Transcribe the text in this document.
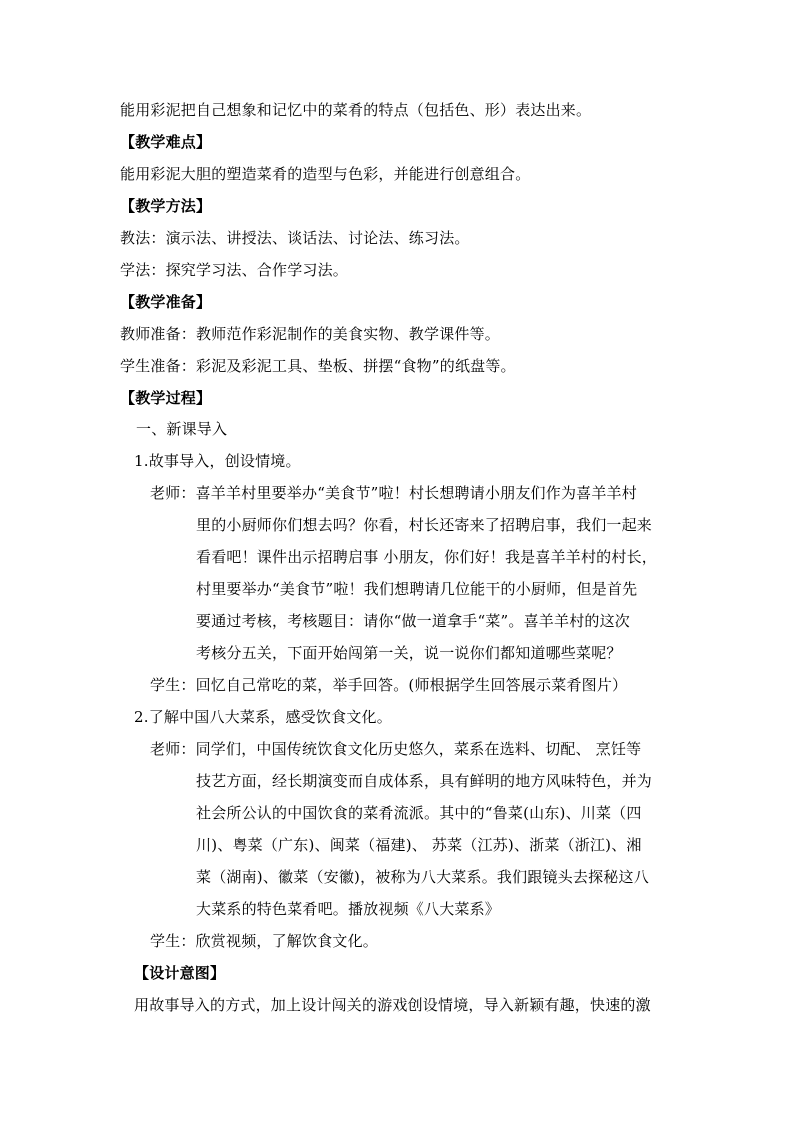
能用彩泥把自己想象和记忆中的菜肴的特点（包括色、形）表达出来。
【教学难点】
能用彩泥大胆的塑造菜肴的造型与色彩，并能进行创意组合。
【教学方法】
教法：演示法、讲授法、谈话法、讨论法、练习法。
学法：探究学习法、合作学习法。
【教学准备】
教师准备：教师范作彩泥制作的美食实物、教学课件等。
学生准备：彩泥及彩泥工具、垫板、拼摆“食物”的纸盘等。
【教学过程】
一、新课导入
1.故事导入，创设情境。
老师：喜羊羊村里要举办“美食节”啦！村长想聘请小朋友们作为喜羊羊村
里的小厨师你们想去吗？你看，村长还寄来了招聘启事，我们一起来
看看吧！课件出示招聘启事 小朋友，你们好！我是喜羊羊村的村长，
村里要举办“美食节”啦！我们想聘请几位能干的小厨师，但是首先
要通过考核，考核题目：请你“做一道拿手“菜”。喜羊羊村的这次
考核分五关，下面开始闯第一关，说一说你们都知道哪些菜呢？
学生：回忆自己常吃的菜，举手回答。(师根据学生回答展示菜肴图片）
2.了解中国八大菜系，感受饮食文化。
老师：同学们，中国传统饮食文化历史悠久，菜系在选料、切配、 烹饪等
技艺方面，经长期演变而自成体系，具有鲜明的地方风味特色，并为
社会所公认的中国饮食的菜肴流派。其中的“鲁菜(山东)、川菜（四
川)、粤菜（广东)、闽菜（福建)、 苏菜（江苏)、浙菜（浙江)、湘
菜（湖南)、徽菜（安徽)，被称为八大菜系。我们跟镜头去探秘这八
大菜系的特色菜肴吧。播放视频《八大菜系》
学生：欣赏视频，了解饮食文化。
【设计意图】
用故事导入的方式，加上设计闯关的游戏创设情境，导入新颖有趣，快速的激
